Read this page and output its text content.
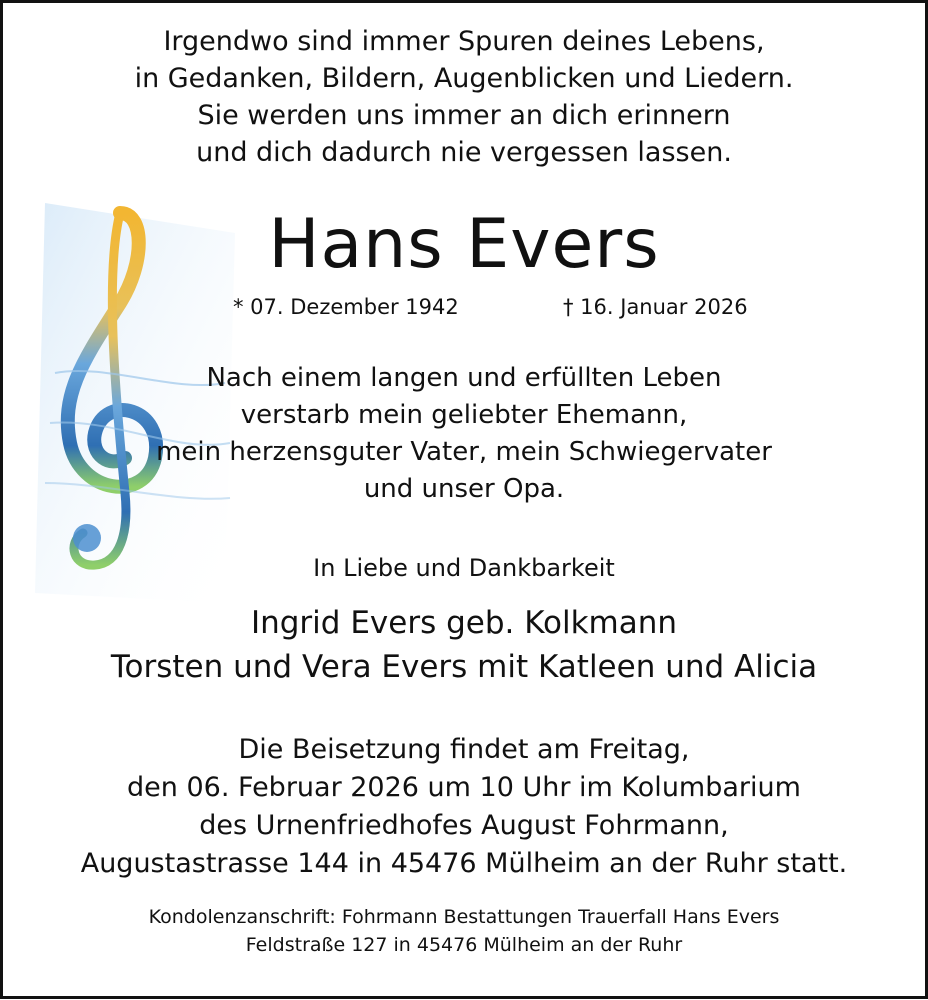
Irgendwo sind immer Spuren deines Lebens,
in Gedanken, Bildern, Augenblicken und Liedern.
Sie werden uns immer an dich erinnern
und dich dadurch nie vergessen lassen.
Hans Evers
* 07. Dezember 1942	† 16. Januar 2026
Nach einem langen und erfüllten Leben
verstarb mein geliebter Ehemann,
mein herzensguter Vater, mein Schwiegervater
und unser Opa.
In Liebe und Dankbarkeit
Ingrid Evers geb. Kolkmann
Torsten und Vera Evers mit Katleen und Alicia
Die Beisetzung findet am Freitag,
den 06. Februar 2026 um 10 Uhr im Kolumbarium
des Urnenfriedhofes August Fohrmann,
Augustastrasse 144 in 45476 Mülheim an der Ruhr statt.
Kondolenzanschrift: Fohrmann Bestattungen Trauerfall Hans Evers
Feldstraße 127 in 45476 Mülheim an der Ruhr
